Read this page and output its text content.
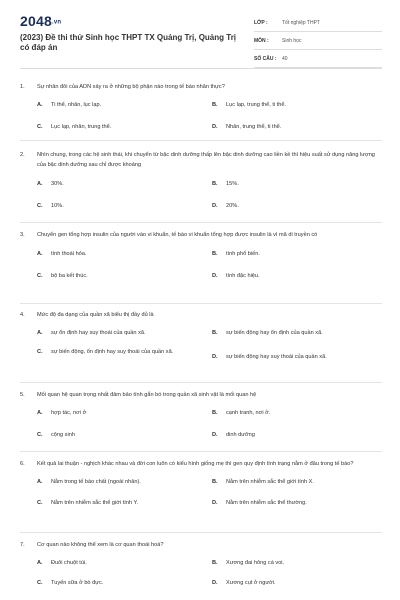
2048.vn
(2023) Đề thi thử Sinh học THPT TX Quảng Trị, Quảng Trị có đáp án
LỚP :	Tốt nghiệp THPT
MÔN :	Sinh học
SỐ CÂU :	40
1.	Sự nhân đôi của ADN xảy ra ở những bộ phận nào trong tế bào nhân thực?
A.	Ti thể, nhân, lục lạp.	B.	Lục lạp, trung thể, ti thể.
C.	Lục lạp, nhân, trung thể.	D.	Nhân, trung thể, ti thể.
2.	Nhìn chung, trong các hệ sinh thái, khi chuyển từ bậc dinh dưỡng thấp lên bậc dinh dưỡng cao liền kề thì hiệu suất sử dụng năng lượng của bậc dinh dưỡng sau chỉ được khoảng
A.	30%.	B.	15%.
C.	10%.	D.	20%.
3.	Chuyển gen tổng hợp insulin của người vào vi khuẩn, tế bào vi khuẩn tổng hợp được insulin là vì mã di truyền có
A.	tính thoái hóa.	B.	tính phổ biến.
C.	bộ ba kết thúc.	D.	tính đặc hiệu.
4.	Mức độ đa dạng của quần xã biểu thị đầy đủ là
A.	sự ổn định hay suy thoái của quần xã.	B.	sự biến động hay ổn định của quần xã.
C.	sự biến động, ổn định hay suy thoái của quần xã.
D.	sự biến động hay suy thoái của quần xã.
5.	Mối quan hệ quan trọng nhất đảm bảo tính gắn bó trong quần xã sinh vật là mối quan hệ
A.	hợp tác, nơi ở	B.	cạnh tranh, nơi ở.
C.	cộng sinh	D.	dinh dưỡng
6.	Kết quả lai thuận - nghịch khác nhau và đời con luôn có kiểu hình giống mẹ thì gen quy định tính trạng nằm ở đâu trong tế bào?
A.	Nằm trong tế bào chất (ngoài nhân).	B.	Nằm trên nhiễm sắc thể giới tính X.
C.	Nằm trên nhiễm sắc thể giới tính Y.	D.	Nằm trên nhiễm sắc thể thường.
7.	Cơ quan nào không thể xem là cơ quan thoái hoá?
A.	Đuôi chuột túi.	B.	Xương đai hông cá voi.
C.	Tuyến sữa ở bò đực.	D.	Xương cụt ở người.
